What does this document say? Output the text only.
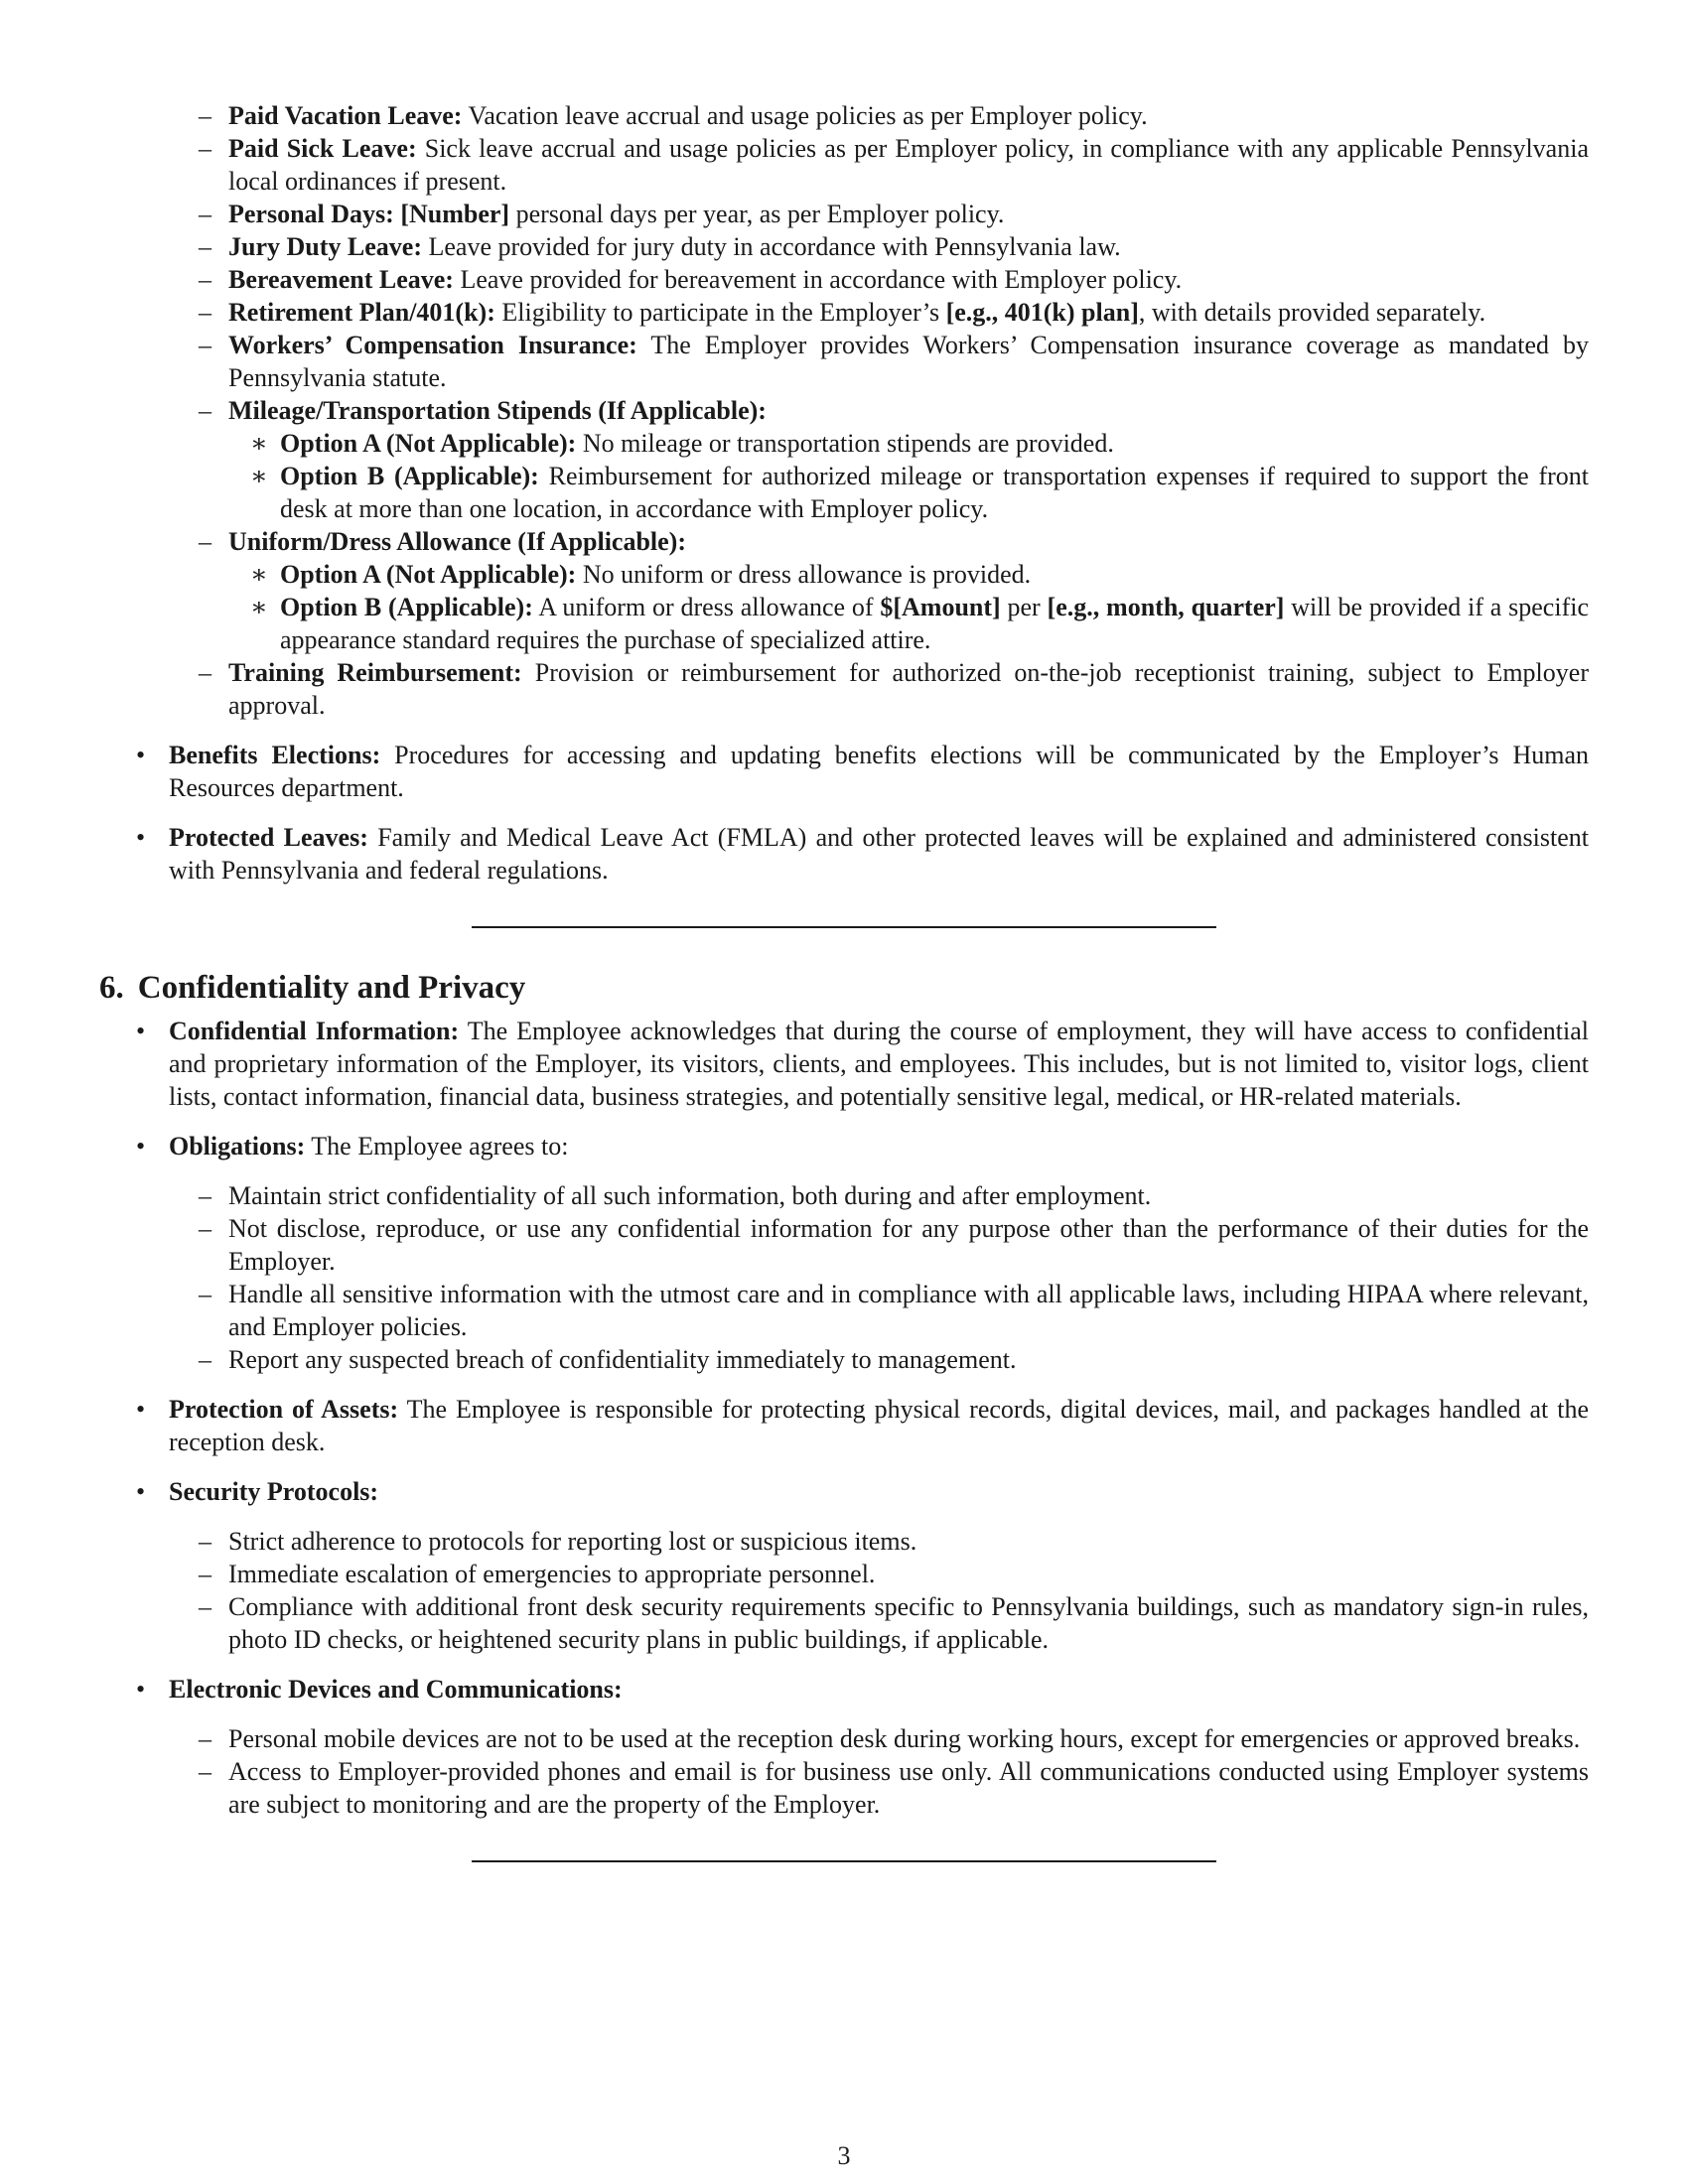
– Paid Vacation Leave: Vacation leave accrual and usage policies as per Employer policy.
– Paid Sick Leave: Sick leave accrual and usage policies as per Employer policy, in compliance with any applicable Pennsylvania local ordinances if present.
– Personal Days: [Number] personal days per year, as per Employer policy.
– Jury Duty Leave: Leave provided for jury duty in accordance with Pennsylvania law.
– Bereavement Leave: Leave provided for bereavement in accordance with Employer policy.
– Retirement Plan/401(k): Eligibility to participate in the Employer’s [e.g., 401(k) plan], with details provided separately.
– Workers’ Compensation Insurance: The Employer provides Workers’ Compensation insurance coverage as mandated by Pennsylvania statute.
– Mileage/Transportation Stipends (If Applicable):
∗ Option A (Not Applicable): No mileage or transportation stipends are provided.
∗ Option B (Applicable): Reimbursement for authorized mileage or transportation expenses if required to support the front desk at more than one location, in accordance with Employer policy.
– Uniform/Dress Allowance (If Applicable):
∗ Option A (Not Applicable): No uniform or dress allowance is provided.
∗ Option B (Applicable): A uniform or dress allowance of $[Amount] per [e.g., month, quarter] will be provided if a specific appearance standard requires the purchase of specialized attire.
– Training Reimbursement: Provision or reimbursement for authorized on-the-job receptionist training, subject to Employer approval.
• Benefits Elections: Procedures for accessing and updating benefits elections will be communicated by the Employer’s Human Resources department.
• Protected Leaves: Family and Medical Leave Act (FMLA) and other protected leaves will be explained and administered consistent with Pennsylvania and federal regulations.
6. Confidentiality and Privacy
• Confidential Information: The Employee acknowledges that during the course of employment, they will have access to confidential and proprietary information of the Employer, its visitors, clients, and employees. This includes, but is not limited to, visitor logs, client lists, contact information, financial data, business strategies, and potentially sensitive legal, medical, or HR-related materials.
• Obligations: The Employee agrees to:
– Maintain strict confidentiality of all such information, both during and after employment.
– Not disclose, reproduce, or use any confidential information for any purpose other than the performance of their duties for the Employer.
– Handle all sensitive information with the utmost care and in compliance with all applicable laws, including HIPAA where relevant, and Employer policies.
– Report any suspected breach of confidentiality immediately to management.
• Protection of Assets: The Employee is responsible for protecting physical records, digital devices, mail, and packages handled at the reception desk.
• Security Protocols:
– Strict adherence to protocols for reporting lost or suspicious items.
– Immediate escalation of emergencies to appropriate personnel.
– Compliance with additional front desk security requirements specific to Pennsylvania buildings, such as mandatory sign-in rules, photo ID checks, or heightened security plans in public buildings, if applicable.
• Electronic Devices and Communications:
– Personal mobile devices are not to be used at the reception desk during working hours, except for emergencies or approved breaks.
– Access to Employer-provided phones and email is for business use only. All communications conducted using Employer systems are subject to monitoring and are the property of the Employer.
3
